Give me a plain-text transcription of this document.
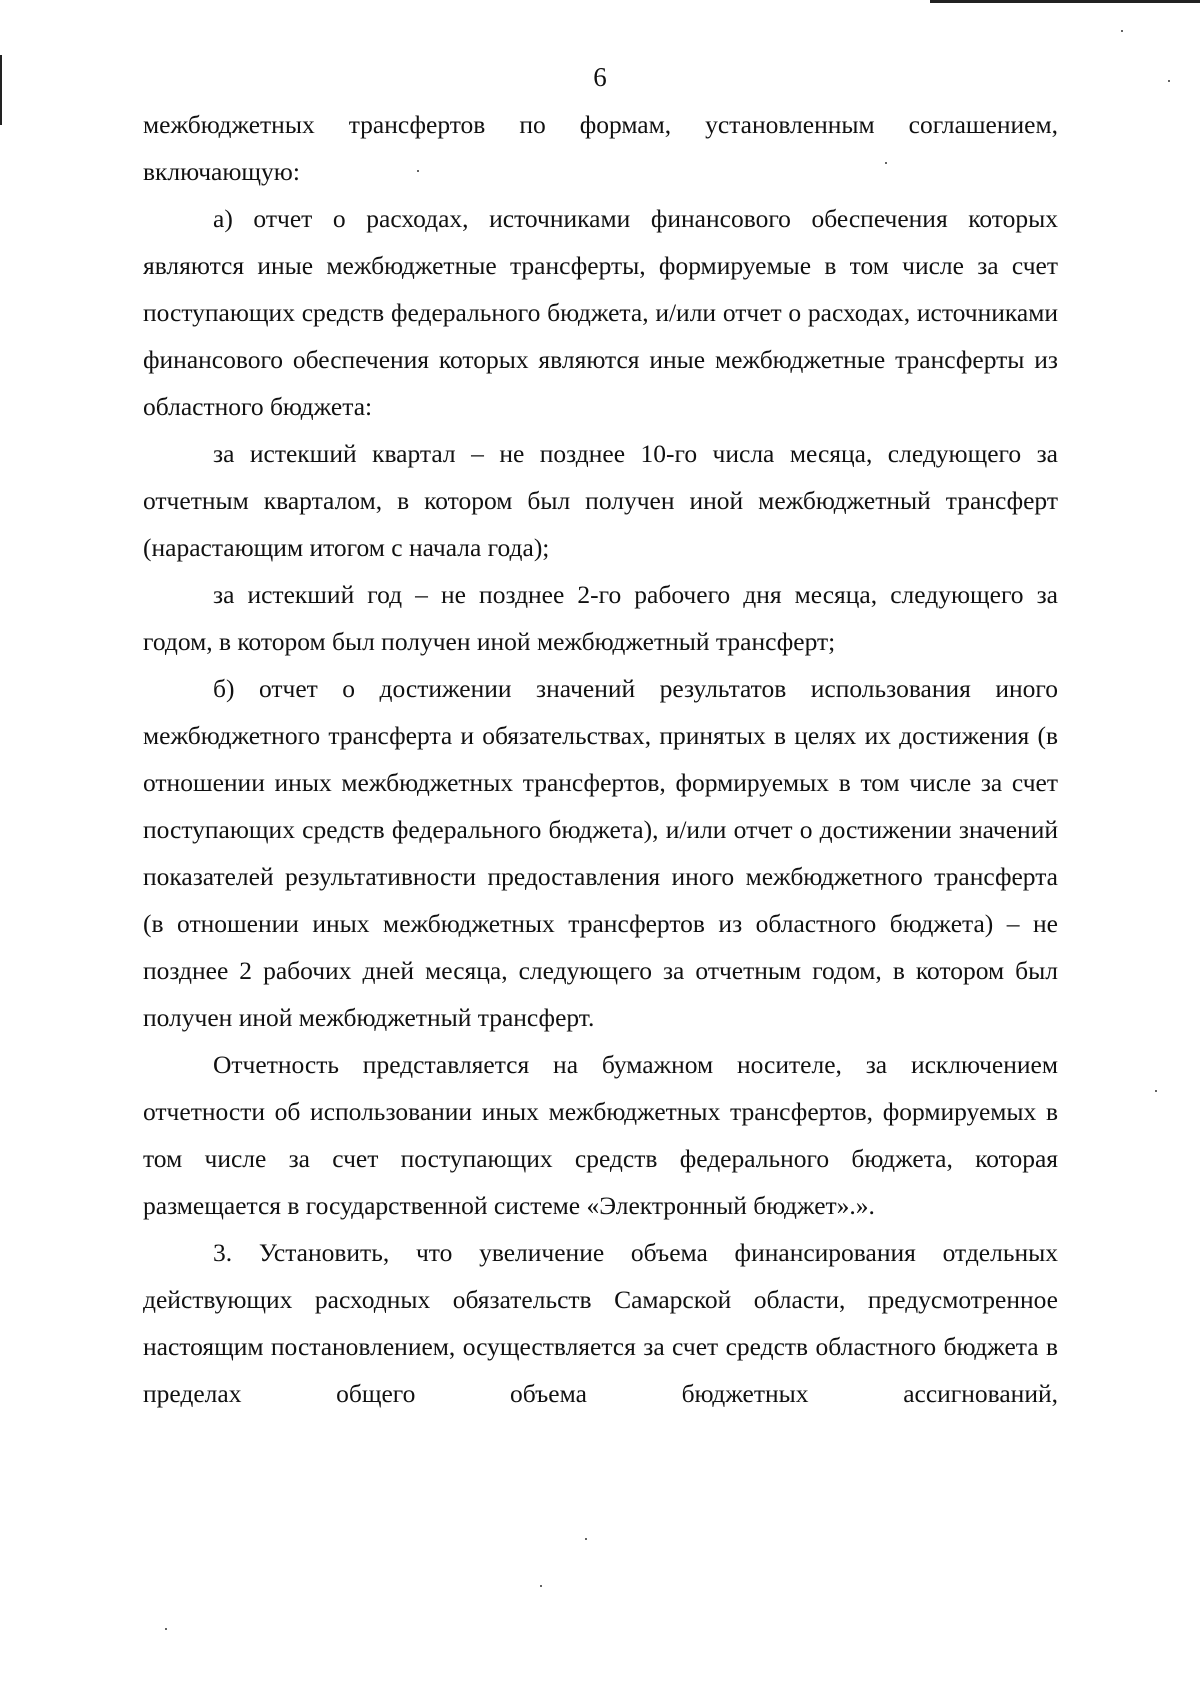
6

межбюджетных трансфертов по формам, установленным соглашением, включающую:

а) отчет о расходах, источниками финансового обеспечения которых являются иные межбюджетные трансферты, формируемые в том числе за счет поступающих средств федерального бюджета, и/или отчет о расходах, источниками финансового обеспечения которых являются иные межбюджетные трансферты из областного бюджета:

за истекший квартал – не позднее 10-го числа месяца, следующего за отчетным кварталом, в котором был получен иной межбюджетный трансферт (нарастающим итогом с начала года);

за истекший год – не позднее 2-го рабочего дня месяца, следующего за годом, в котором был получен иной межбюджетный трансферт;

б) отчет о достижении значений результатов использования иного межбюджетного трансферта и обязательствах, принятых в целях их достижения (в отношении иных межбюджетных трансфертов, формируемых в том числе за счет поступающих средств федерального бюджета), и/или отчет о достижении значений показателей результативности предоставления иного межбюджетного трансферта (в отношении иных межбюджетных трансфертов из областного бюджета) – не позднее 2 рабочих дней месяца, следующего за отчетным годом, в котором был получен иной межбюджетный трансферт.

Отчетность представляется на бумажном носителе, за исключением отчетности об использовании иных межбюджетных трансфертов, формируемых в том числе за счет поступающих средств федерального бюджета, которая размещается в государственной системе «Электронный бюджет».».

3. Установить, что увеличение объема финансирования отдельных действующих расходных обязательств Самарской области, предусмотренное настоящим постановлением, осуществляется за счет средств областного бюджета в пределах общего объема бюджетных ассигнований,
